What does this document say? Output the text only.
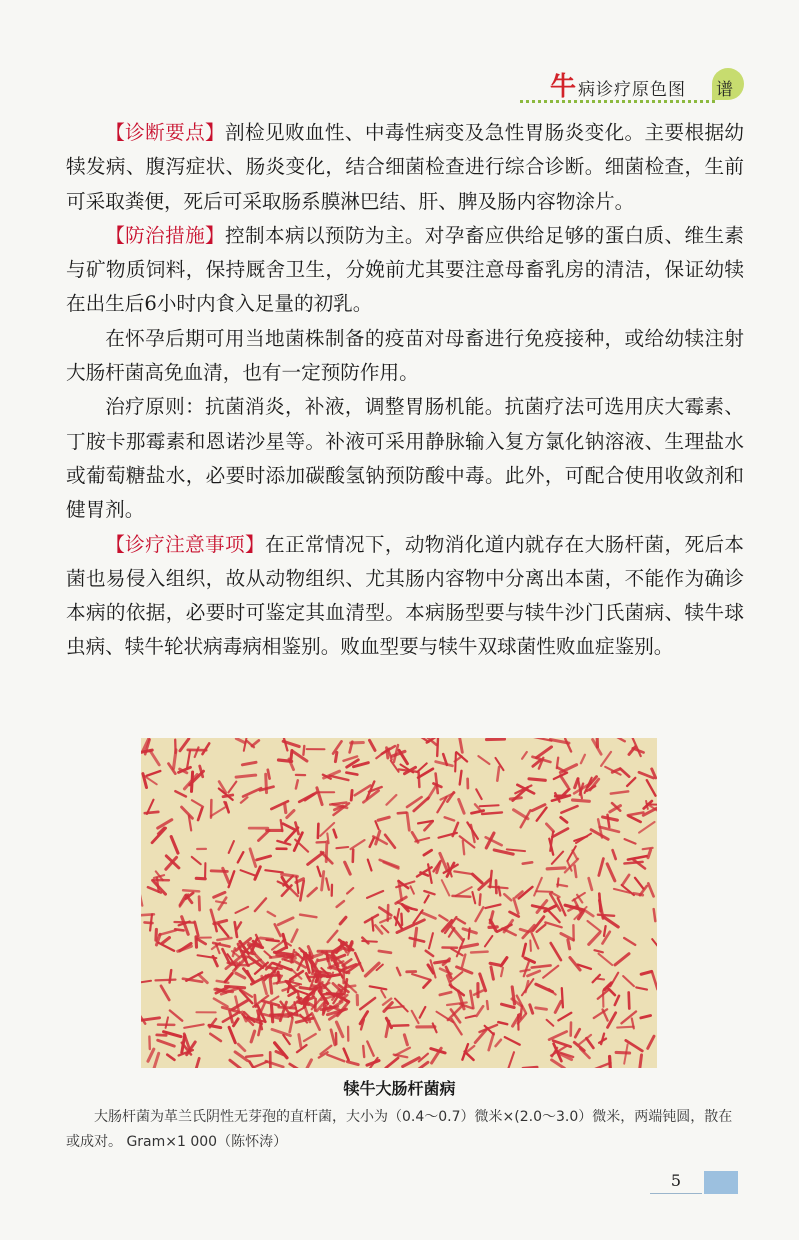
牛 病诊疗原色图 谱

【诊断要点】剖检见败血性、中毒性病变及急性胃肠炎变化。主要根据幼犊发病、腹泻症状、肠炎变化，结合细菌检查进行综合诊断。细菌检查，生前可采取粪便，死后可采取肠系膜淋巴结、肝、脾及肠内容物涂片。

【防治措施】控制本病以预防为主。对孕畜应供给足够的蛋白质、维生素与矿物质饲料，保持厩舍卫生，分娩前尤其要注意母畜乳房的清洁，保证幼犊在出生后6小时内食入足量的初乳。

在怀孕后期可用当地菌株制备的疫苗对母畜进行免疫接种，或给幼犊注射大肠杆菌高免血清，也有一定预防作用。

治疗原则：抗菌消炎，补液，调整胃肠机能。抗菌疗法可选用庆大霉素、丁胺卡那霉素和恩诺沙星等。补液可采用静脉输入复方氯化钠溶液、生理盐水或葡萄糖盐水，必要时添加碳酸氢钠预防酸中毒。此外，可配合使用收敛剂和健胃剂。

【诊疗注意事项】在正常情况下，动物消化道内就存在大肠杆菌，死后本菌也易侵入组织，故从动物组织、尤其肠内容物中分离出本菌，不能作为确诊本病的依据，必要时可鉴定其血清型。本病肠型要与犊牛沙门氏菌病、犊牛球虫病、犊牛轮状病毒病相鉴别。败血型要与犊牛双球菌性败血症鉴别。

犊牛大肠杆菌病
大肠杆菌为革兰氏阴性无芽孢的直杆菌，大小为（0.4～0.7）微米×(2.0～3.0）微米，两端钝圆，散在或成对。 Gram×1 000（陈怀涛）
5
